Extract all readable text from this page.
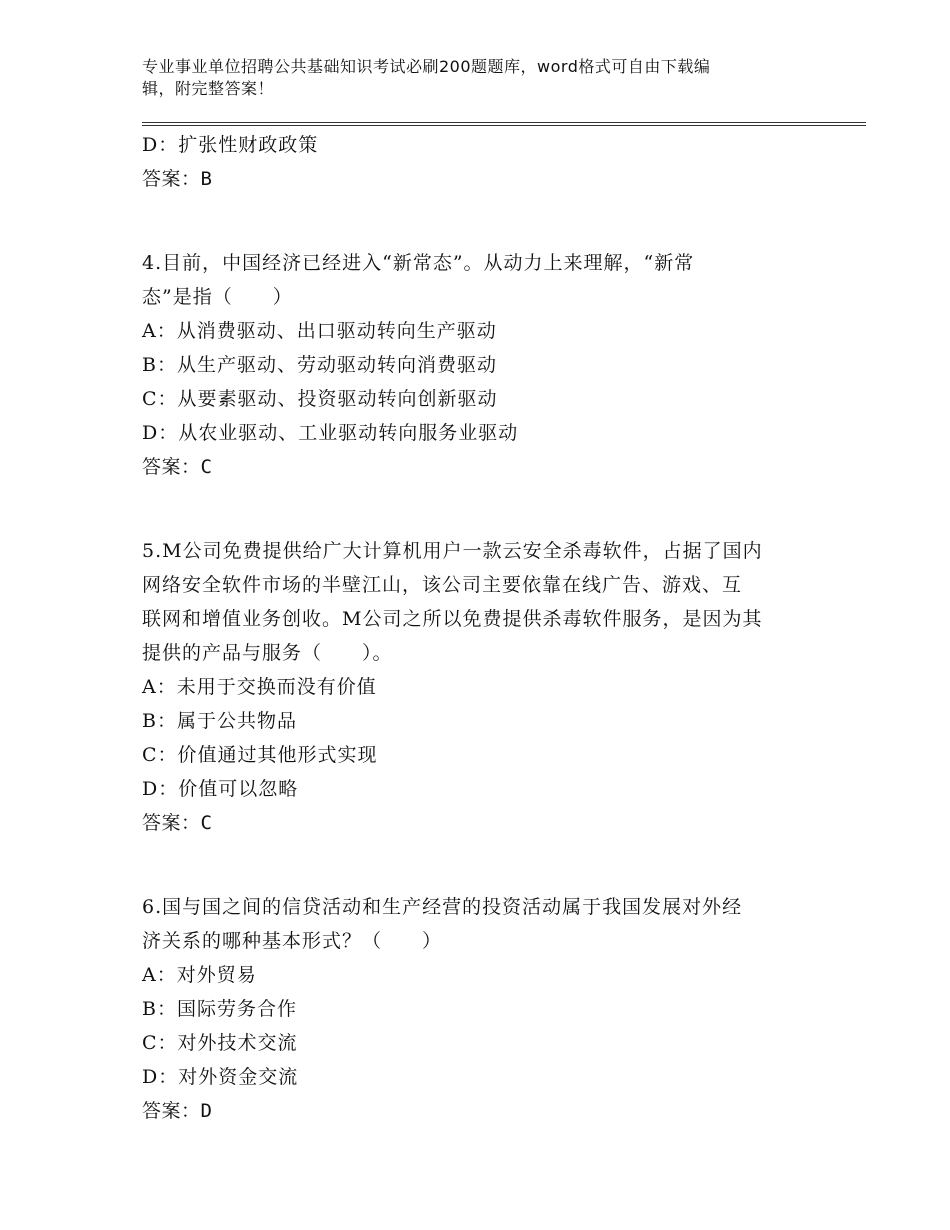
专业事业单位招聘公共基础知识考试必刷200题题库，word格式可自由下载编
辑，附完整答案！
D：扩张性财政政策
答案：B
4.目前，中国经济已经进入“新常态”。从动力上来理解，“新常
态”是指（　　）
A：从消费驱动、出口驱动转向生产驱动
B：从生产驱动、劳动驱动转向消费驱动
C：从要素驱动、投资驱动转向创新驱动
D：从农业驱动、工业驱动转向服务业驱动
答案：C
5.M公司免费提供给广大计算机用户一款云安全杀毒软件，占据了国内
网络安全软件市场的半壁江山，该公司主要依靠在线广告、游戏、互
联网和增值业务创收。M公司之所以免费提供杀毒软件服务，是因为其
提供的产品与服务（　　）。
A：未用于交换而没有价值
B：属于公共物品
C：价值通过其他形式实现
D：价值可以忽略
答案：C
6.国与国之间的信贷活动和生产经营的投资活动属于我国发展对外经
济关系的哪种基本形式？（　　）
A：对外贸易
B：国际劳务合作
C：对外技术交流
D：对外资金交流
答案：D
